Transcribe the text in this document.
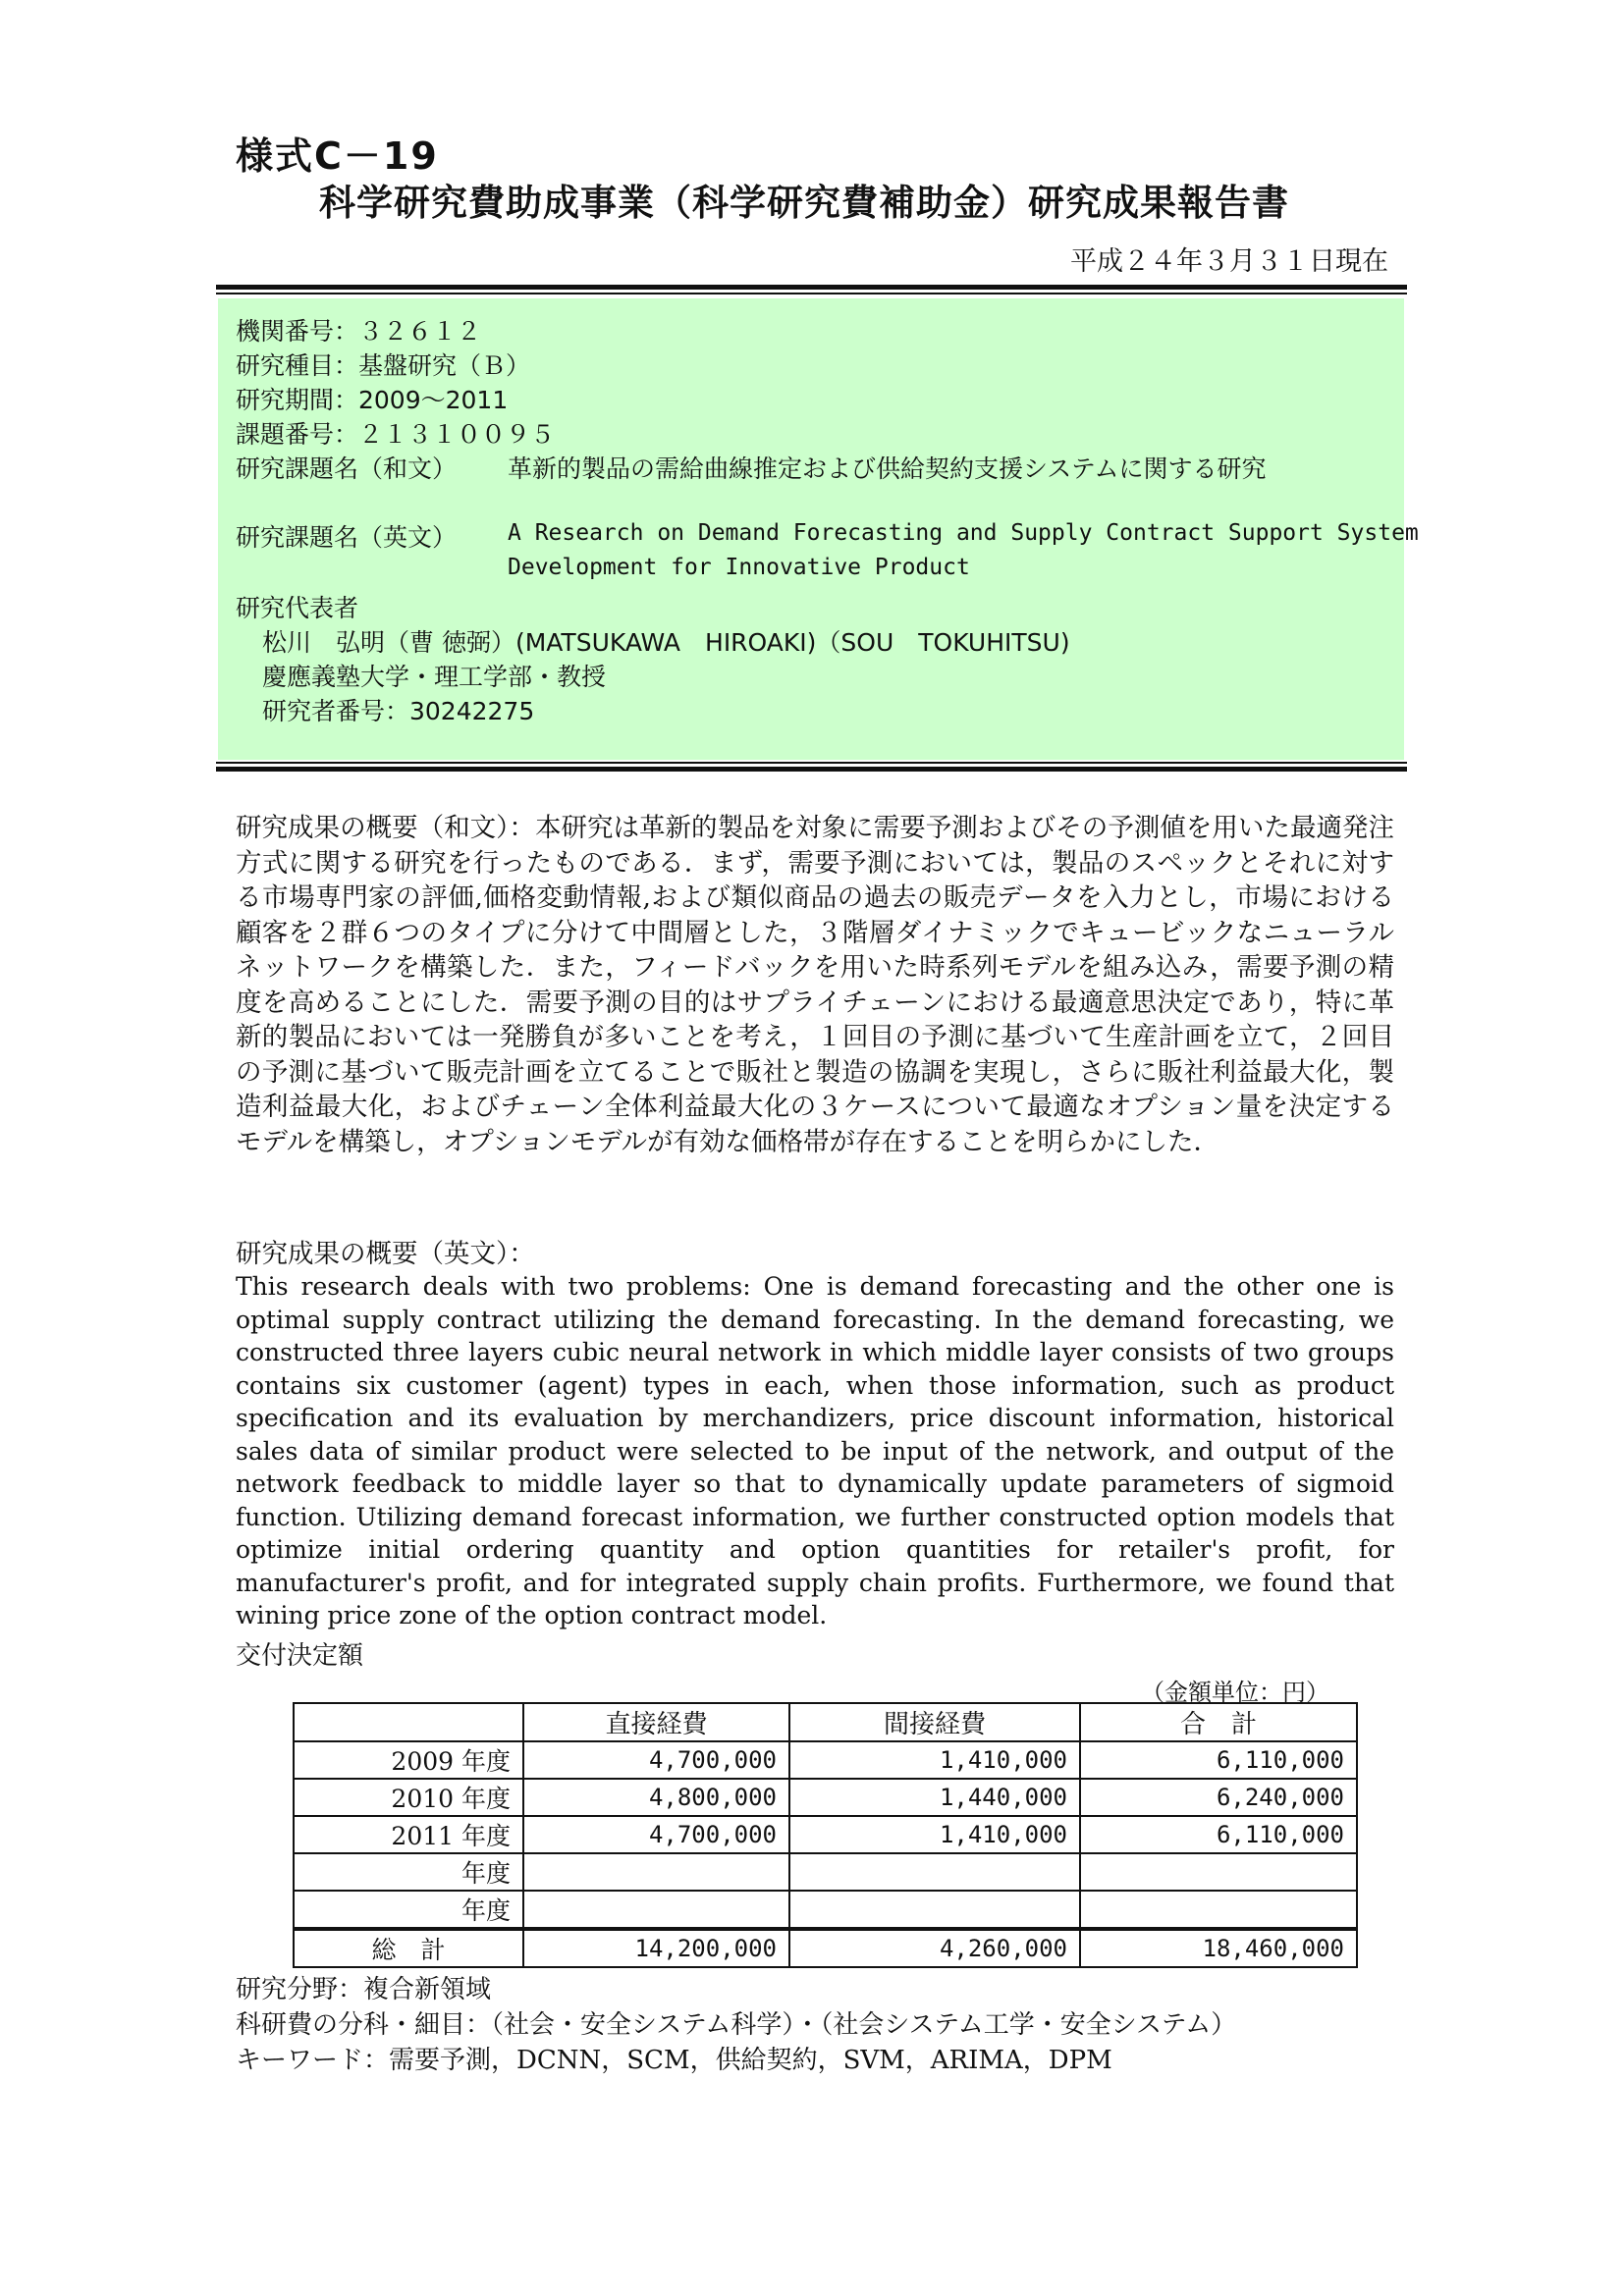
様式C－19
科学研究費助成事業（科学研究費補助金）研究成果報告書
平成２４年３月３１日現在
機関番号：３２６１２
研究種目：基盤研究（Ｂ）
研究期間：2009～2011
課題番号：２１３１００９５
研究課題名（和文） 革新的製品の需給曲線推定および供給契約支援システムに関する研究
研究課題名（英文） A Research on Demand Forecasting and Supply Contract Support System
Development for Innovative Product
研究代表者
松川　弘明（曹 徳弼）(MATSUKAWA　HIROAKI)（SOU　TOKUHITSU)
慶應義塾大学・理工学部・教授
研究者番号：30242275
研究成果の概要（和文）：本研究は革新的製品を対象に需要予測およびその予測値を用いた最適発注方式に関する研究を行ったものである．まず，需要予測においては，製品のスペックとそれに対する市場専門家の評価,価格変動情報,および類似商品の過去の販売データを入力とし，市場における顧客を２群６つのタイプに分けて中間層とした，３階層ダイナミックでキュービックなニューラルネットワークを構築した．また，フィードバックを用いた時系列モデルを組み込み，需要予測の精度を高めることにした．需要予測の目的はサプライチェーンにおける最適意思決定であり，特に革新的製品においては一発勝負が多いことを考え，１回目の予測に基づいて生産計画を立て，２回目の予測に基づいて販売計画を立てることで販社と製造の協調を実現し，さらに販社利益最大化，製造利益最大化，およびチェーン全体利益最大化の３ケースについて最適なオプション量を決定するモデルを構築し，オプションモデルが有効な価格帯が存在することを明らかにした．
研究成果の概要（英文）：
This research deals with two problems: One is demand forecasting and the other one is optimal supply contract utilizing the demand forecasting. In the demand forecasting, we constructed three layers cubic neural network in which middle layer consists of two groups contains six customer (agent) types in each, when those information, such as product specification and its evaluation by merchandizers, price discount information, historical sales data of similar product were selected to be input of the network, and output of the network feedback to middle layer so that to dynamically update parameters of sigmoid function. Utilizing demand forecast information, we further constructed option models that optimize initial ordering quantity and option quantities for retailer's profit, for manufacturer's profit, and for integrated supply chain profits. Furthermore, we found that wining price zone of the option contract model.
交付決定額
（金額単位：円）
	直接経費	間接経費	合　計
2009 年度	4,700,000	1,410,000	6,110,000
2010 年度	4,800,000	1,440,000	6,240,000
2011 年度	4,700,000	1,410,000	6,110,000
年度			
年度			
総　計	14,200,000	4,260,000	18,460,000
研究分野：複合新領域
科研費の分科・細目：（社会・安全システム科学）・（社会システム工学・安全システム）
キーワード：需要予測，DCNN，SCM，供給契約，SVM，ARIMA，DPM
